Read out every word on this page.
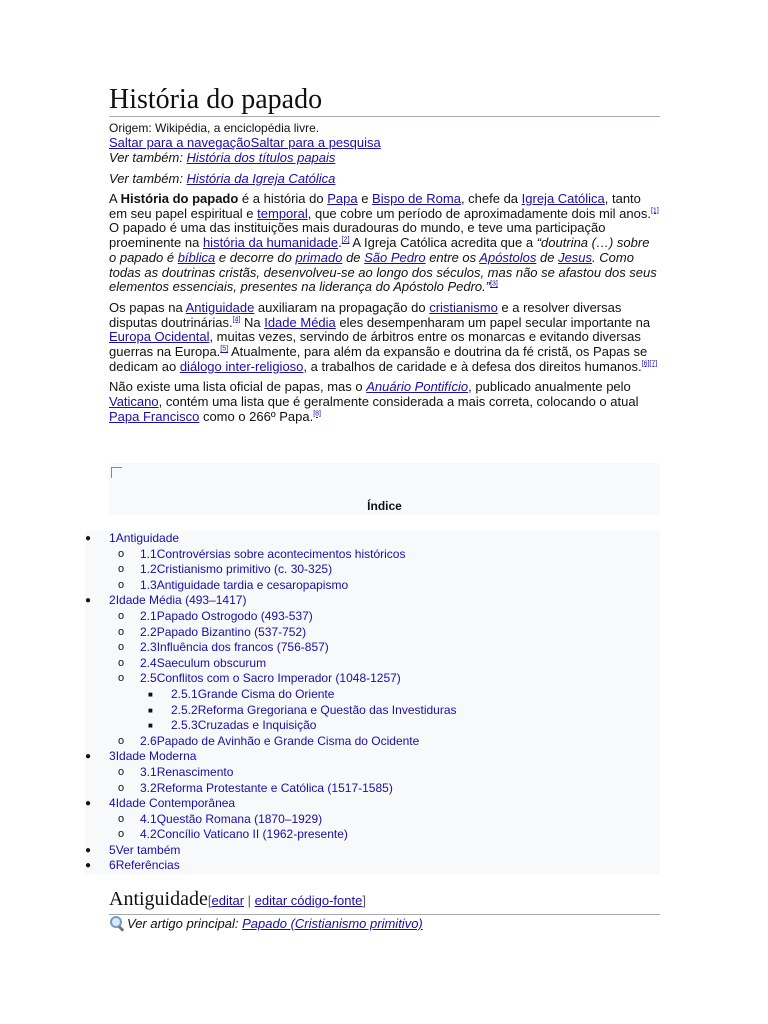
História do papado
Origem: Wikipédia, a enciclopédia livre.
Saltar para a navegaçãoSaltar para a pesquisa
Ver também: História dos títulos papais
Ver também: História da Igreja Católica

A História do papado é a história do Papa e Bispo de Roma, chefe da Igreja Católica, tanto em seu papel espiritual e temporal, que cobre um período de aproximadamente dois mil anos.[1] O papado é uma das instituições mais duradouras do mundo, e teve uma participação proeminente na história da humanidade.[2] A Igreja Católica acredita que a “doutrina (…) sobre o papado é bíblica e decorre do primado de São Pedro entre os Apóstolos de Jesus. Como todas as doutrinas cristãs, desenvolveu-se ao longo dos séculos, mas não se afastou dos seus elementos essenciais, presentes na liderança do Apóstolo Pedro.”[3]

Os papas na Antiguidade auxiliaram na propagação do cristianismo e a resolver diversas disputas doutrinárias.[4] Na Idade Média eles desempenharam um papel secular importante na Europa Ocidental, muitas vezes, servindo de árbitros entre os monarcas e evitando diversas guerras na Europa.[5] Atualmente, para além da expansão e doutrina da fé cristã, os Papas se dedicam ao diálogo inter-religioso, a trabalhos de caridade e à defesa dos direitos humanos.[6][7]

Não existe uma lista oficial de papas, mas o Anuário Pontifício, publicado anualmente pelo Vaticano, contém uma lista que é geralmente considerada a mais correta, colocando o atual Papa Francisco como o 266º Papa.[8]

Índice
● 1Antiguidade
o 1.1Controvérsias sobre acontecimentos históricos
o 1.2Cristianismo primitivo (c. 30-325)
o 1.3Antiguidade tardia e cesaropapismo
● 2Idade Média (493–1417)
o 2.1Papado Ostrogodo (493-537)
o 2.2Papado Bizantino (537-752)
o 2.3Influência dos francos (756-857)
o 2.4Saeculum obscurum
o 2.5Conflitos com o Sacro Imperador (1048-1257)
■ 2.5.1Grande Cisma do Oriente
■ 2.5.2Reforma Gregoriana e Questão das Investiduras
■ 2.5.3Cruzadas e Inquisição
o 2.6Papado de Avinhão e Grande Cisma do Ocidente
● 3Idade Moderna
o 3.1Renascimento
o 3.2Reforma Protestante e Católica (1517-1585)
● 4Idade Contemporânea
o 4.1Questão Romana (1870–1929)
o 4.2Concílio Vaticano II (1962-presente)
● 5Ver também
● 6Referências
Antiguidade[editar | editar código-fonte]
Ver artigo principal: Papado (Cristianismo primitivo)
